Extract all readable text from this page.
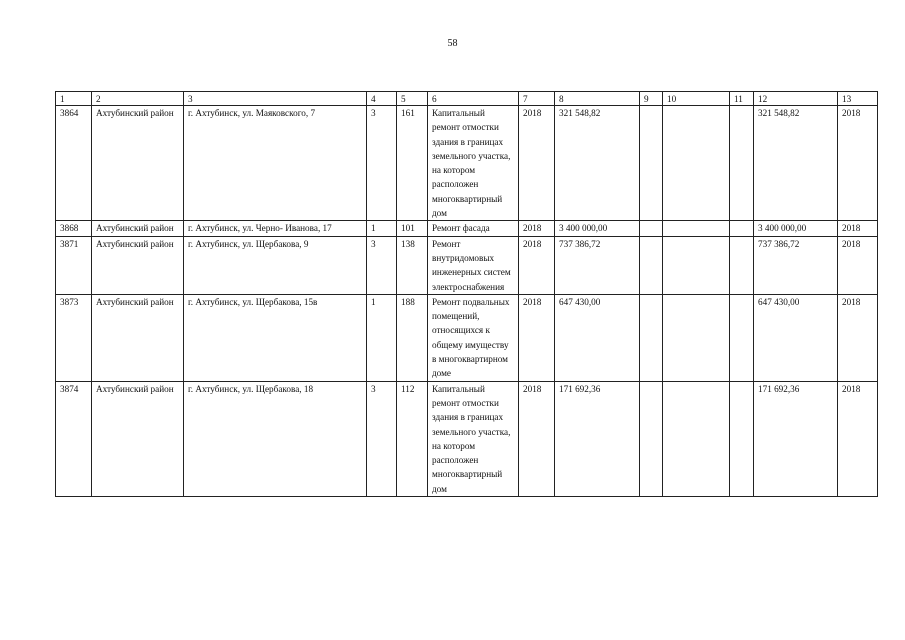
58
1	2	3	4	5	6	7	8	9	10	11	12	13
3864	Ахтубинский район	г. Ахтубинск, ул. Маяковского, 7	3	161	Капитальный ремонт отмостки здания в границах земельного участка, на котором расположен многоквартирный дом	2018	321 548,82				321 548,82	2018
3868	Ахтубинский район	г. Ахтубинск, ул. Черно- Иванова, 17	1	101	Ремонт фасада	2018	3 400 000,00				3 400 000,00	2018
3871	Ахтубинский район	г. Ахтубинск, ул. Щербакова, 9	3	138	Ремонт внутридомовых инженерных систем электроснабжения	2018	737 386,72				737 386,72	2018
3873	Ахтубинский район	г. Ахтубинск, ул. Щербакова, 15в	1	188	Ремонт подвальных помещений, относящихся к общему имуществу в многоквартирном доме	2018	647 430,00				647 430,00	2018
3874	Ахтубинский район	г. Ахтубинск, ул. Щербакова, 18	3	112	Капитальный ремонт отмостки здания в границах земельного участка, на котором расположен многоквартирный дом	2018	171 692,36				171 692,36	2018
